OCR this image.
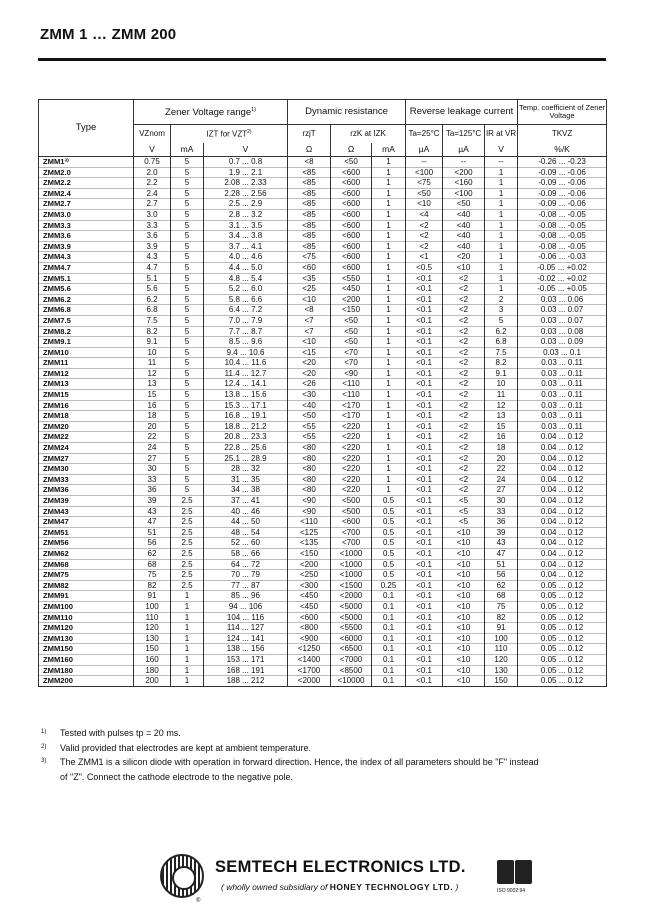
ZMM 1 … ZMM 200
Type	Zener Voltage range$^{1)}$			Dynamic resistance			Reverse leakage current			Temp. coefficient of Zener Voltage
	VZnom	IZT for VZT$^{2)}$		rzjT	rzK at IZK		Ta=25°C	Ta=125°C	IR at VR	TKVZ
	V	mA	V	Ω	Ω	mA	µA	µA	V	%/K
ZMM1³⁾	0.75	5	0.7 ... 0.8	<8	<50	1	--	--	--	-0.26 ... -0.23
ZMM2.0	2.0	5	1.9 ... 2.1	<85	<600	1	<100	<200	1	-0.09 ... -0.06
ZMM2.2	2.2	5	2.08 ... 2.33	<85	<600	1	<75	<160	1	-0.09 ... -0.06
ZMM2.4	2.4	5	2.28 ... 2.56	<85	<600	1	<50	<100	1	-0.09 ... -0.06
ZMM2.7	2.7	5	2.5 ... 2.9	<85	<600	1	<10	<50	1	-0.09 ... -0.06
ZMM3.0	3.0	5	2.8 ... 3.2	<85	<600	1	<4	<40	1	-0.08 ... -0.05
ZMM3.3	3.3	5	3.1 ... 3.5	<85	<600	1	<2	<40	1	-0.08 ... -0.05
ZMM3.6	3.6	5	3.4 ... 3.8	<85	<600	1	<2	<40	1	-0.08 ... -0.05
ZMM3.9	3.9	5	3.7 ... 4.1	<85	<600	1	<2	<40	1	-0.08 ... -0.05
ZMM4.3	4.3	5	4.0 ... 4.6	<75	<600	1	<1	<20	1	-0.06 ... -0.03
ZMM4.7	4.7	5	4.4 ... 5.0	<60	<600	1	<0.5	<10	1	-0.05 ... +0.02
ZMM5.1	5.1	5	4.8 ... 5.4	<35	<550	1	<0.1	<2	1	-0.02 ... +0.02
ZMM5.6	5.6	5	5.2 ... 6.0	<25	<450	1	<0.1	<2	1	-0.05 ... +0.05
ZMM6.2	6.2	5	5.8 ... 6.6	<10	<200	1	<0.1	<2	2	0.03 ... 0.06
ZMM6.8	6.8	5	6.4 ... 7.2	<8	<150	1	<0.1	<2	3	0.03 ... 0.07
ZMM7.5	7.5	5	7.0 ... 7.9	<7	<50	1	<0.1	<2	5	0.03 ... 0.07
ZMM8.2	8.2	5	7.7 ... 8.7	<7	<50	1	<0.1	<2	6.2	0.03 ... 0.08
ZMM9.1	9.1	5	8.5 ... 9.6	<10	<50	1	<0.1	<2	6.8	0.03 ... 0.09
ZMM10	10	5	9.4 ... 10.6	<15	<70	1	<0.1	<2	7.5	0.03 ... 0.1
ZMM11	11	5	10.4 ... 11.6	<20	<70	1	<0.1	<2	8.2	0.03 ... 0.11
ZMM12	12	5	11.4 ... 12.7	<20	<90	1	<0.1	<2	9.1	0.03 ... 0.11
ZMM13	13	5	12.4 ... 14.1	<26	<110	1	<0.1	<2	10	0.03 ... 0.11
ZMM15	15	5	13.8 ... 15.6	<30	<110	1	<0.1	<2	11	0.03 ... 0.11
ZMM16	16	5	15.3 ... 17.1	<40	<170	1	<0.1	<2	12	0.03 ... 0.11
ZMM18	18	5	16.8 ... 19.1	<50	<170	1	<0.1	<2	13	0.03 ... 0.11
ZMM20	20	5	18.8 ... 21.2	<55	<220	1	<0.1	<2	15	0.03 ... 0.11
ZMM22	22	5	20.8 ... 23.3	<55	<220	1	<0.1	<2	16	0.04 ... 0.12
ZMM24	24	5	22.8 ... 25.6	<80	<220	1	<0.1	<2	18	0.04 ... 0.12
ZMM27	27	5	25.1 ... 28.9	<80	<220	1	<0.1	<2	20	0.04 ... 0.12
ZMM30	30	5	28 ... 32	<80	<220	1	<0.1	<2	22	0.04 ... 0.12
ZMM33	33	5	31 ... 35	<80	<220	1	<0.1	<2	24	0.04 ... 0.12
ZMM36	36	5	34 ... 38	<80	<220	1	<0.1	<2	27	0.04 ... 0.12
ZMM39	39	2.5	37 ... 41	<90	<500	0.5	<0.1	<5	30	0.04 ... 0.12
ZMM43	43	2.5	40 ... 46	<90	<500	0.5	<0.1	<5	33	0.04 ... 0.12
ZMM47	47	2.5	44 ... 50	<110	<600	0.5	<0.1	<5	36	0.04 ... 0.12
ZMM51	51	2.5	48 ... 54	<125	<700	0.5	<0.1	<10	39	0.04 ... 0.12
ZMM56	56	2.5	52 ... 60	<135	<700	0.5	<0.1	<10	43	0.04 ... 0.12
ZMM62	62	2.5	58 ... 66	<150	<1000	0.5	<0.1	<10	47	0.04 ... 0.12
ZMM68	68	2.5	64 ... 72	<200	<1000	0.5	<0.1	<10	51	0.04 ... 0.12
ZMM75	75	2.5	70 ... 79	<250	<1000	0.5	<0.1	<10	56	0.04 ... 0.12
ZMM82	82	2.5	77 ... 87	<300	<1500	0.25	<0.1	<10	62	0.05 ... 0.12
ZMM91	91	1	85 ... 96	<450	<2000	0.1	<0.1	<10	68	0.05 ... 0.12
ZMM100	100	1	94 ... 106	<450	<5000	0.1	<0.1	<10	75	0.05 ... 0.12
ZMM110	110	1	104 ... 116	<600	<5000	0.1	<0.1	<10	82	0.05 ... 0.12
ZMM120	120	1	114 ... 127	<800	<5500	0.1	<0.1	<10	91	0.05 ... 0.12
ZMM130	130	1	124 ... 141	<900	<6000	0.1	<0.1	<10	100	0.05 ... 0.12
ZMM150	150	1	138 ... 156	<1250	<6500	0.1	<0.1	<10	110	0.05 ... 0.12
ZMM160	160	1	153 ... 171	<1400	<7000	0.1	<0.1	<10	120	0.05 ... 0.12
ZMM180	180	1	168 ... 191	<1700	<8500	0.1	<0.1	<10	130	0.05 ... 0.12
ZMM200	200	1	188 ... 212	<2000	<10000	0.1	<0.1	<10	150	0.05 ... 0.12
1) Tested with pulses tp = 20 ms.
2) Valid provided that electrodes are kept at ambient temperature.
3) The ZMM1 is a silicon diode with operation in forward direction. Hence, the index of all parameters should be "F" instead
of "Z". Connect the cathode electrode to the negative pole.
®
SEMTECH ELECTRONICS LTD.
( wholly owned subsidiary of HONEY TECHNOLOGY LTD. )	ISO 9002:94
